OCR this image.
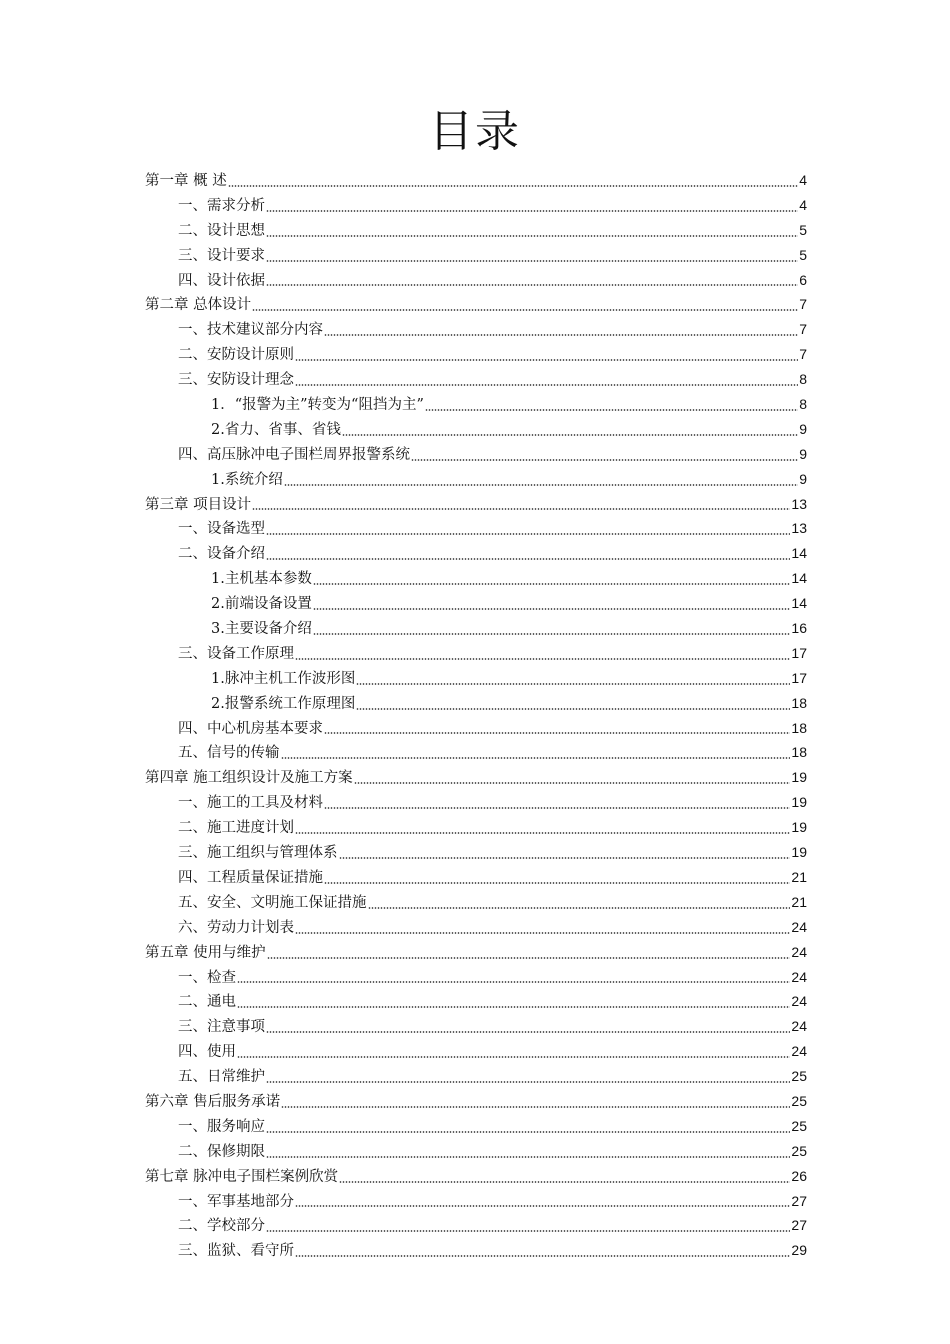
目录
第一章 概 述	4
一、需求分析	4
二、设计思想	5
三、设计要求	5
四、设计依据	6
第二章 总体设计	7
一、技术建议部分内容	7
二、安防设计原则	7
三、安防设计理念	8
1．“报警为主”转变为“阻挡为主”	8
2.省力、省事、省钱	9
四、高压脉冲电子围栏周界报警系统	9
1.系统介绍	9
第三章 项目设计	13
一、设备选型	13
二、设备介绍	14
1.主机基本参数	14
2.前端设备设置	14
3.主要设备介绍	16
三、设备工作原理	17
1.脉冲主机工作波形图	17
2.报警系统工作原理图	18
四、中心机房基本要求	18
五、信号的传输	18
第四章 施工组织设计及施工方案	19
一、施工的工具及材料	19
二、施工进度计划	19
三、施工组织与管理体系	19
四、工程质量保证措施	21
五、安全、文明施工保证措施	21
六、劳动力计划表	24
第五章 使用与维护	24
一、检查	24
二、通电	24
三、注意事项	24
四、使用	24
五、日常维护	25
第六章 售后服务承诺	25
一、服务响应	25
二、保修期限	25
第七章 脉冲电子围栏案例欣赏	26
一、军事基地部分	27
二、学校部分	27
三、监狱、看守所	29
